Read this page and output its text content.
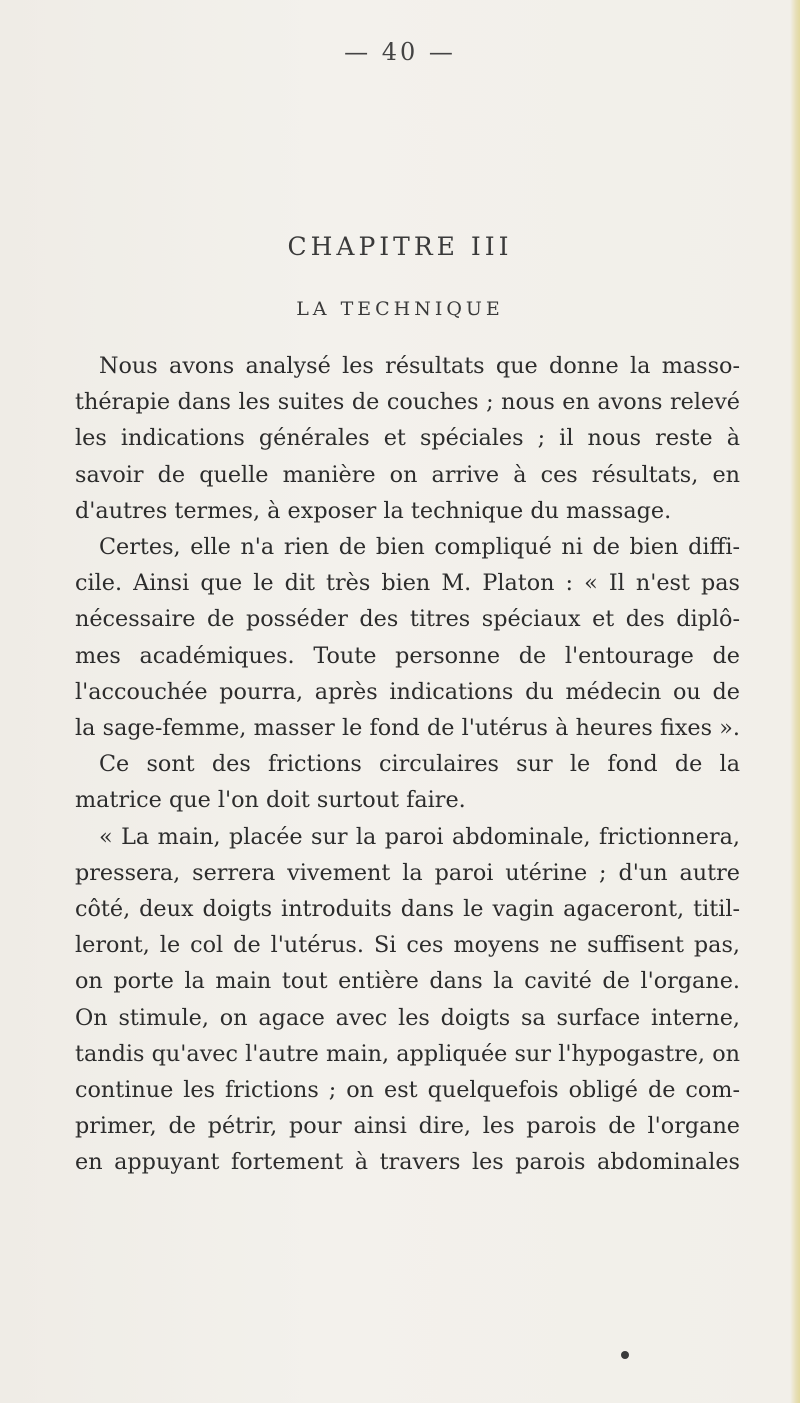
— 40 —
CHAPITRE III
LA TECHNIQUE
Nous avons analysé les résultats que donne la masso-
thérapie dans les suites de couches ; nous en avons relevé
les indications générales et spéciales ; il nous reste à
savoir de quelle manière on arrive à ces résultats, en
d'autres termes, à exposer la technique du massage.
Certes, elle n'a rien de bien compliqué ni de bien diffi-
cile. Ainsi que le dit très bien M. Platon : « Il n'est pas
nécessaire de posséder des titres spéciaux et des diplô-
mes académiques. Toute personne de l'entourage de
l'accouchée pourra, après indications du médecin ou de
la sage-femme, masser le fond de l'utérus à heures fixes ».
Ce sont des frictions circulaires sur le fond de la
matrice que l'on doit surtout faire.
« La main, placée sur la paroi abdominale, frictionnera,
pressera, serrera vivement la paroi utérine ; d'un autre
côté, deux doigts introduits dans le vagin agaceront, titil-
leront, le col de l'utérus. Si ces moyens ne suffisent pas,
on porte la main tout entière dans la cavité de l'organe.
On stimule, on agace avec les doigts sa surface interne,
tandis qu'avec l'autre main, appliquée sur l'hypogastre, on
continue les frictions ; on est quelquefois obligé de com-
primer, de pétrir, pour ainsi dire, les parois de l'organe
en appuyant fortement à travers les parois abdominales
